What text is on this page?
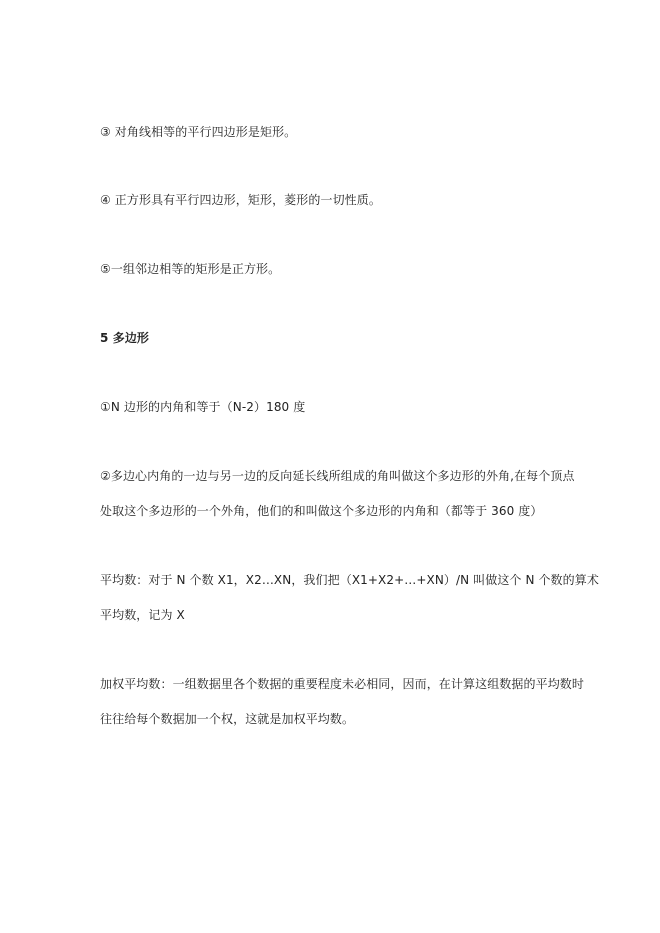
③ 对角线相等的平行四边形是矩形。
④ 正方形具有平行四边形，矩形，菱形的一切性质。
⑤一组邻边相等的矩形是正方形。
5 多边形
①N 边形的内角和等于（N-2）180 度
②多边心内角的一边与另一边的反向延长线所组成的角叫做这个多边形的外角,在每个顶点
处取这个多边形的一个外角，他们的和叫做这个多边形的内角和（都等于 360 度）
平均数：对于 N 个数 X1，X2…XN，我们把（X1+X2+…+XN）/N 叫做这个 N 个数的算术
平均数，记为 X
加权平均数：一组数据里各个数据的重要程度未必相同，因而，在计算这组数据的平均数时
往往给每个数据加一个权，这就是加权平均数。
